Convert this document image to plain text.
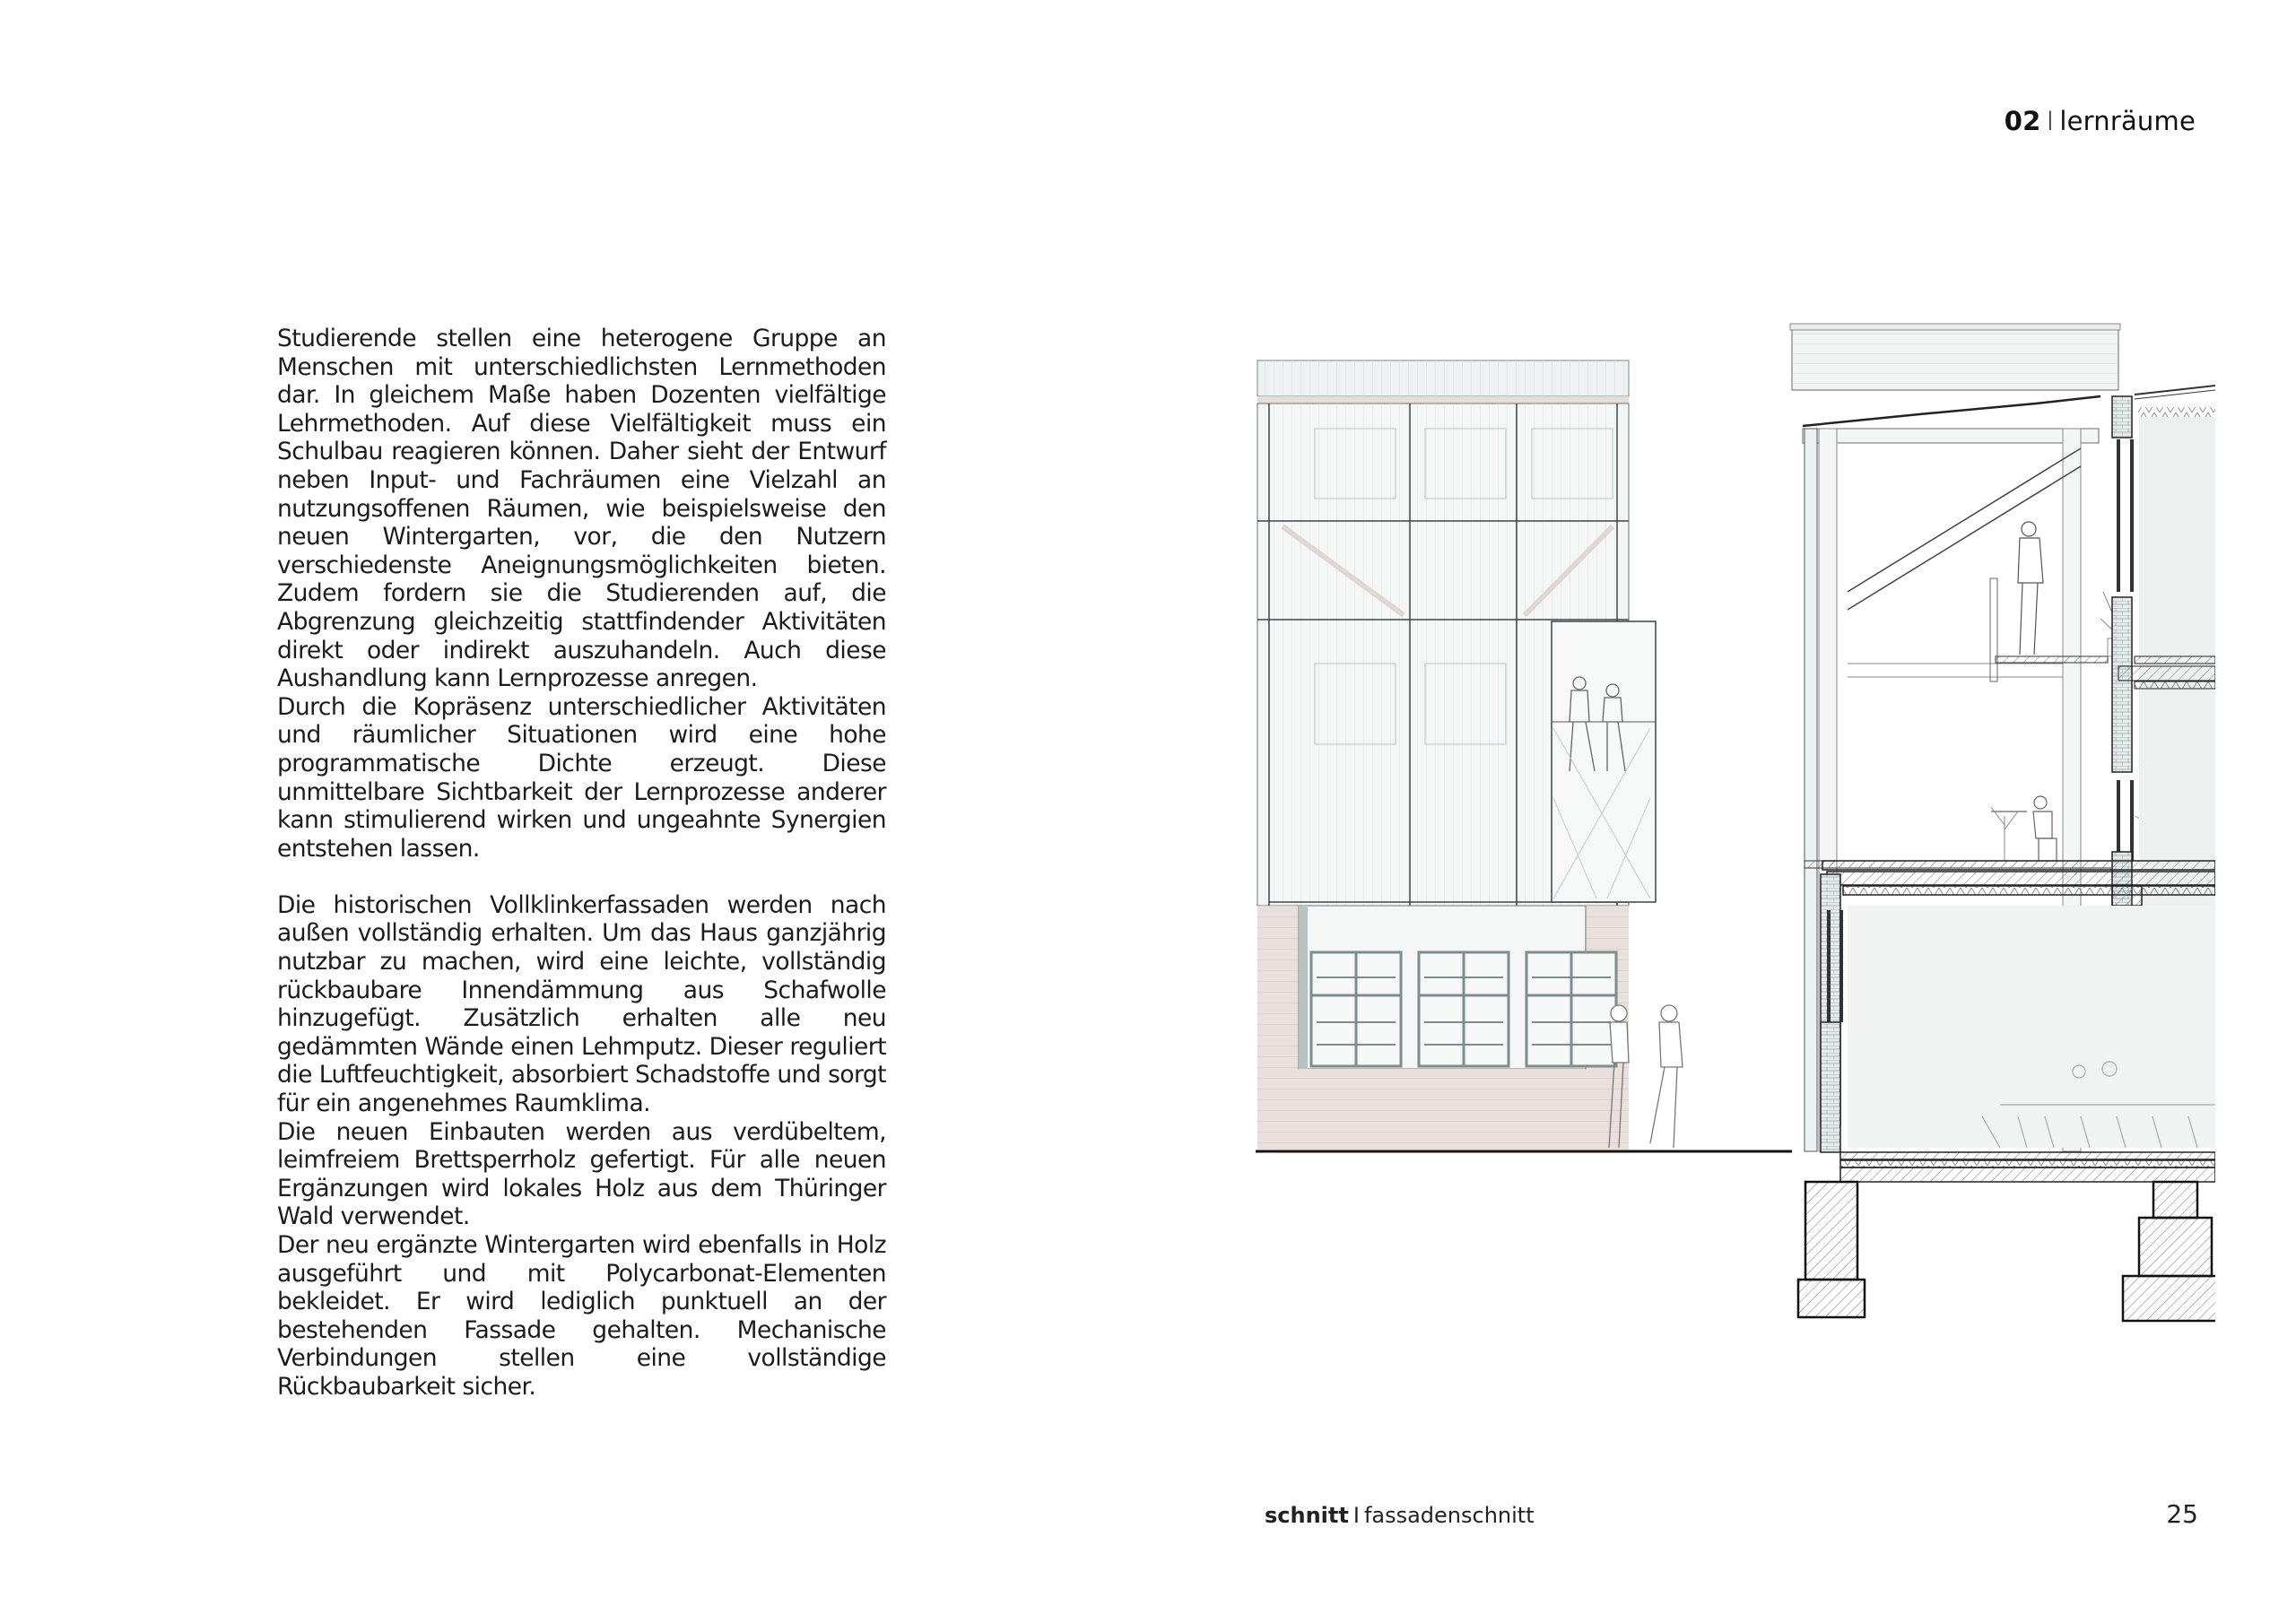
02 I lernräume

Studierende stellen eine heterogene Gruppe an Menschen mit unterschiedlichsten Lernmethoden dar. In gleichem Maße haben Dozenten vielfältige Lehrmethoden. Auf diese Vielfältigkeit muss ein Schulbau reagieren können. Daher sieht der Entwurf neben Input- und Fachräumen eine Vielzahl an nutzungsoffenen Räumen, wie beispielsweise den neuen Wintergarten, vor, die den Nutzern verschiedenste Aneignungsmöglichkeiten bieten. Zudem fordern sie die Studierenden auf, die Abgrenzung gleichzeitig stattfindender Aktivitäten direkt oder indirekt auszuhandeln. Auch diese Aushandlung kann Lernprozesse anregen.

Durch die Kopräsenz unterschiedlicher Aktivitäten und räumlicher Situationen wird eine hohe programmatische Dichte erzeugt. Diese unmittelbare Sichtbarkeit der Lernprozesse anderer kann stimulierend wirken und ungeahnte Synergien entstehen lassen.

Die historischen Vollklinkerfassaden werden nach außen vollständig erhalten. Um das Haus ganzjährig nutzbar zu machen, wird eine leichte, vollständig rückbaubare Innendämmung aus Schafwolle hinzugefügt. Zusätzlich erhalten alle neu gedämmten Wände einen Lehmputz. Dieser reguliert die Luftfeuchtigkeit, absorbiert Schadstoffe und sorgt für ein angenehmes Raumklima.

Die neuen Einbauten werden aus verdübeltem, leimfreiem Brettsperrholz gefertigt. Für alle neuen Ergänzungen wird lokales Holz aus dem Thüringer Wald verwendet.

Der neu ergänzte Wintergarten wird ebenfalls in Holz ausgeführt und mit Polycarbonat-Elementen bekleidet. Er wird lediglich punktuell an der bestehenden Fassade gehalten. Mechanische Verbindungen stellen eine vollständige Rückbaubarkeit sicher.

schnitt I fassadenschnitt	25
